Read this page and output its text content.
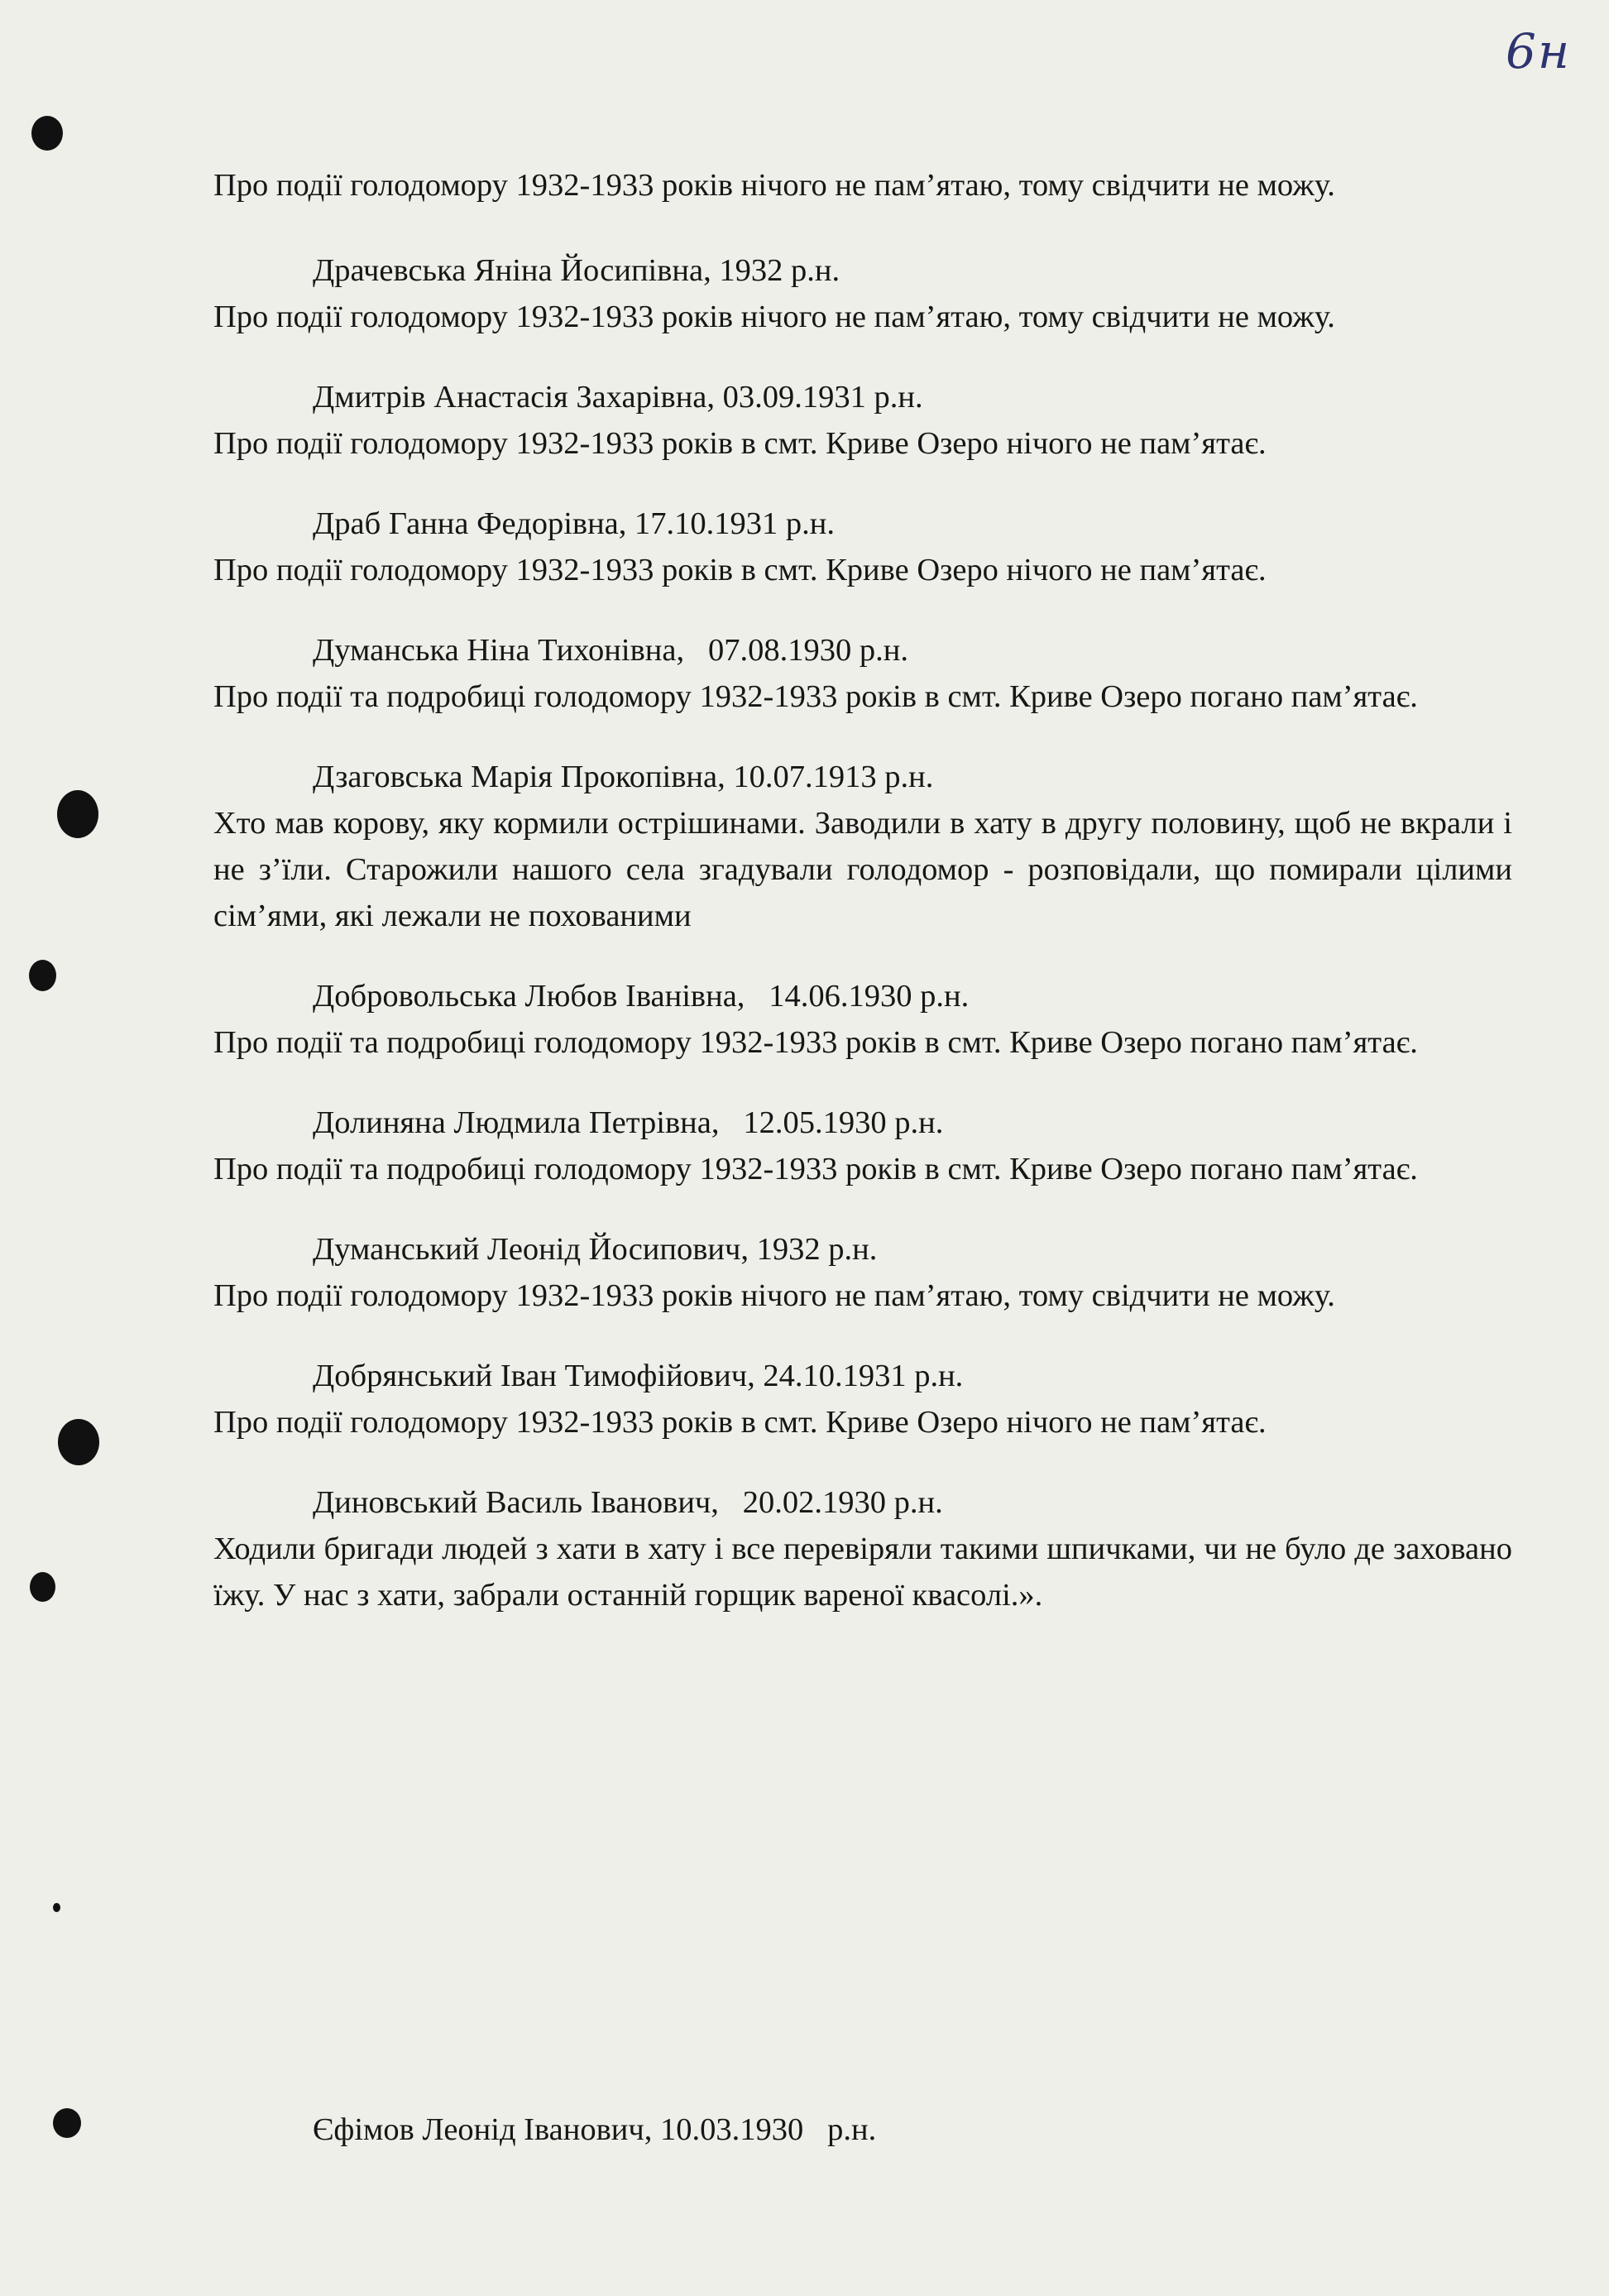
6н

Про події голодомору 1932-1933 років нічого не пам’ятаю, тому свідчити не можу.

Драчевська Яніна Йосипівна, 1932 р.н.

Про події голодомору 1932-1933 років нічого не пам’ятаю, тому свідчити не можу.

Дмитрів Анастасія Захарівна, 03.09.1931 р.н.

Про події голодомору 1932-1933 років в смт. Криве Озеро нічого не пам’ятає.

Драб Ганна Федорівна, 17.10.1931 р.н.

Про події голодомору 1932-1933 років в смт. Криве Озеро нічого не пам’ятає.

Думанська Ніна Тихонівна,   07.08.1930 р.н.

Про події та подробиці голодомору 1932-1933 років в смт. Криве Озеро погано пам’ятає.

Дзаговська Марія Прокопівна, 10.07.1913 р.н.

Хто мав корову, яку кормили острішинами. Заводили в хату в другу половину, щоб не вкрали і не з’їли. Старожили нашого села згадували голодомор - розповідали, що помирали цілими сім’ями, які лежали не похованими

Добровольська Любов Іванівна,   14.06.1930 р.н.

Про події та подробиці голодомору 1932-1933 років в смт. Криве Озеро погано пам’ятає.

Долиняна Людмила Петрівна,   12.05.1930 р.н.

Про події та подробиці голодомору 1932-1933 років в смт. Криве Озеро погано пам’ятає.

Думанський Леонід Йосипович, 1932 р.н.

Про події голодомору 1932-1933 років нічого не пам’ятаю, тому свідчити не можу.

Добрянський Іван Тимофійович, 24.10.1931 р.н.

Про події голодомору 1932-1933 років в смт. Криве Озеро нічого не пам’ятає.

Диновський Василь Іванович,   20.02.1930 р.н.

Ходили бригади людей з хати в хату і все перевіряли такими шпичками, чи не було де заховано їжу. У нас з хати, забрали останній горщик вареної квасолі.».

Єфімов Леонід Іванович, 10.03.1930   р.н.
